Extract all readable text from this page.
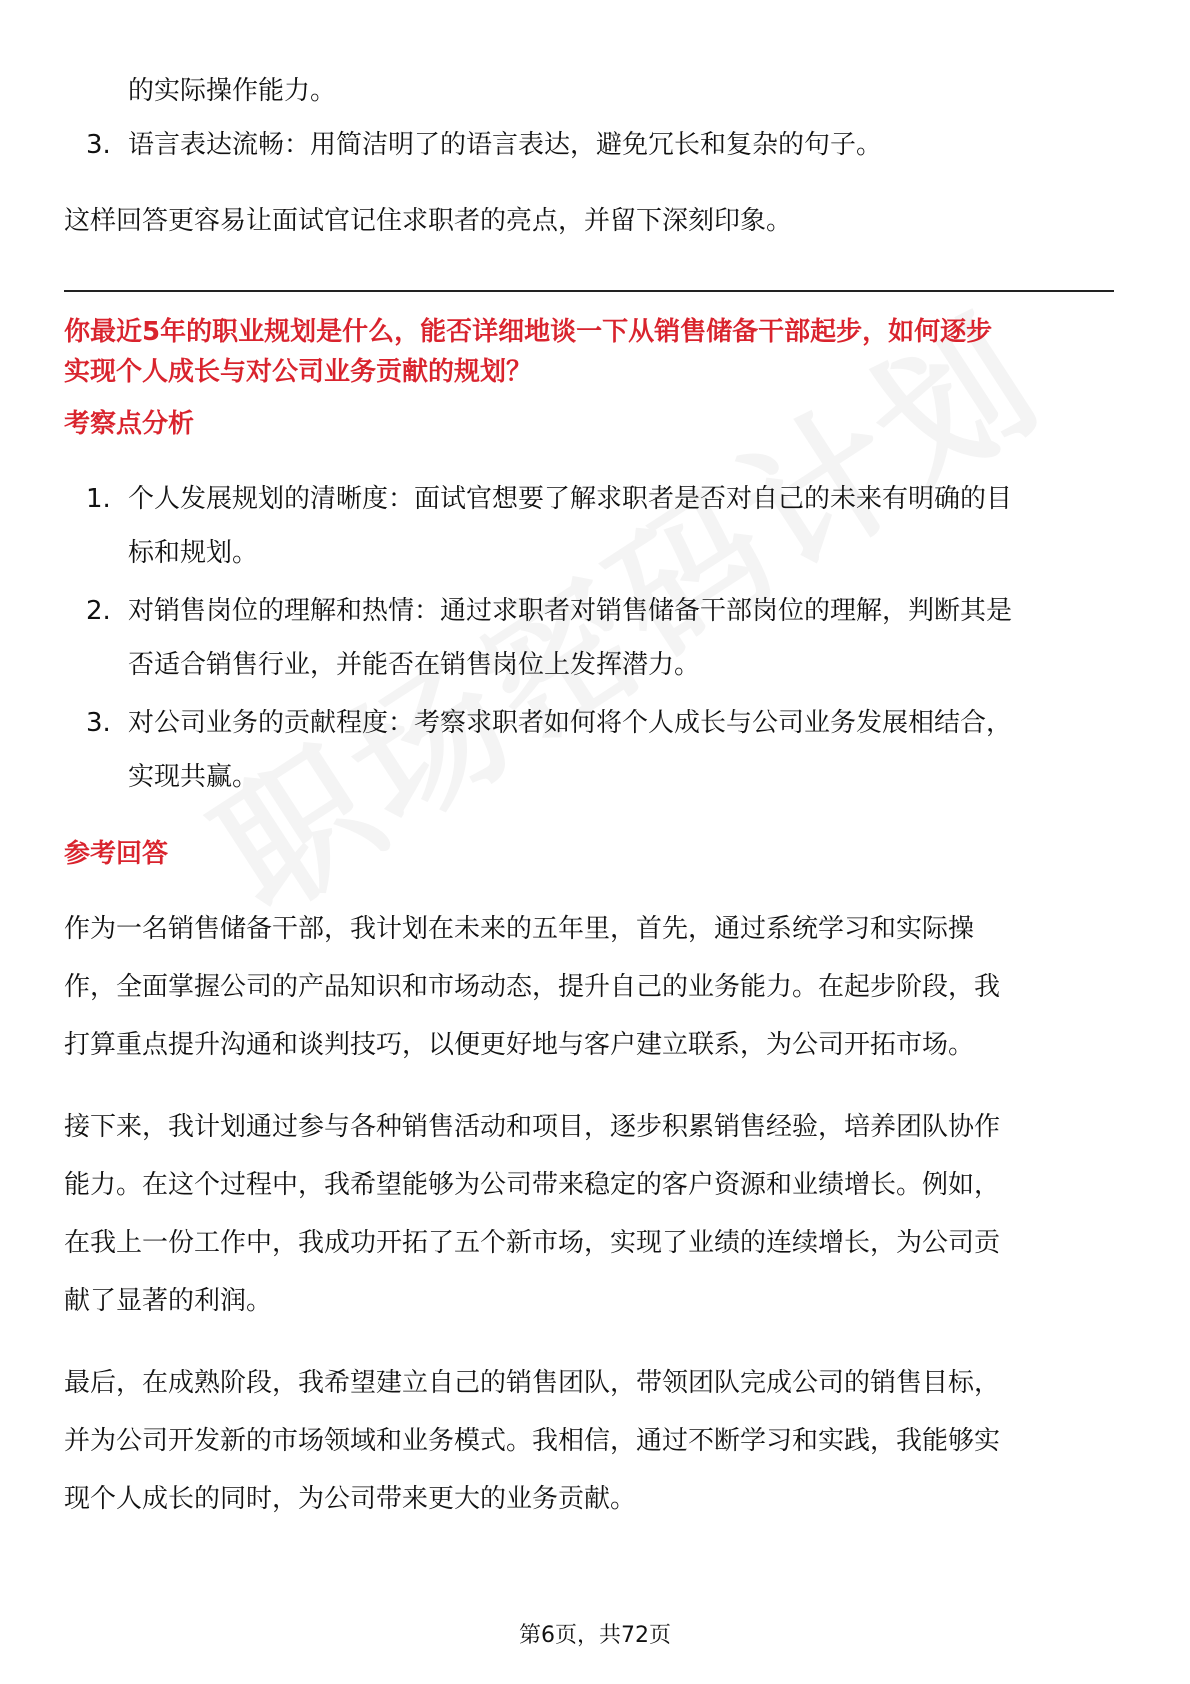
的实际操作能力。
3. 语言表达流畅：用简洁明了的语言表达，避免冗长和复杂的句子。

这样回答更容易让面试官记住求职者的亮点，并留下深刻印象。

你最近5年的职业规划是什么，能否详细地谈一下从销售储备干部起步，如何逐步

实现个人成长与对公司业务贡献的规划？

考察点分析

1. 个人发展规划的清晰度：面试官想要了解求职者是否对自己的未来有明确的目
标和规划。
2. 对销售岗位的理解和热情：通过求职者对销售储备干部岗位的理解，判断其是
否适合销售行业，并能否在销售岗位上发挥潜力。
3. 对公司业务的贡献程度：考察求职者如何将个人成长与公司业务发展相结合，
实现共赢。

参考回答

作为一名销售储备干部，我计划在未来的五年里，首先，通过系统学习和实际操

作，全面掌握公司的产品知识和市场动态，提升自己的业务能力。在起步阶段，我

打算重点提升沟通和谈判技巧，以便更好地与客户建立联系，为公司开拓市场。

接下来，我计划通过参与各种销售活动和项目，逐步积累销售经验，培养团队协作

能力。在这个过程中，我希望能够为公司带来稳定的客户资源和业绩增长。例如，

在我上一份工作中，我成功开拓了五个新市场，实现了业绩的连续增长，为公司贡

献了显著的利润。

最后，在成熟阶段，我希望建立自己的销售团队，带领团队完成公司的销售目标，

并为公司开发新的市场领域和业务模式。我相信，通过不断学习和实践，我能够实

现个人成长的同时，为公司带来更大的业务贡献。

第6页，共72页
